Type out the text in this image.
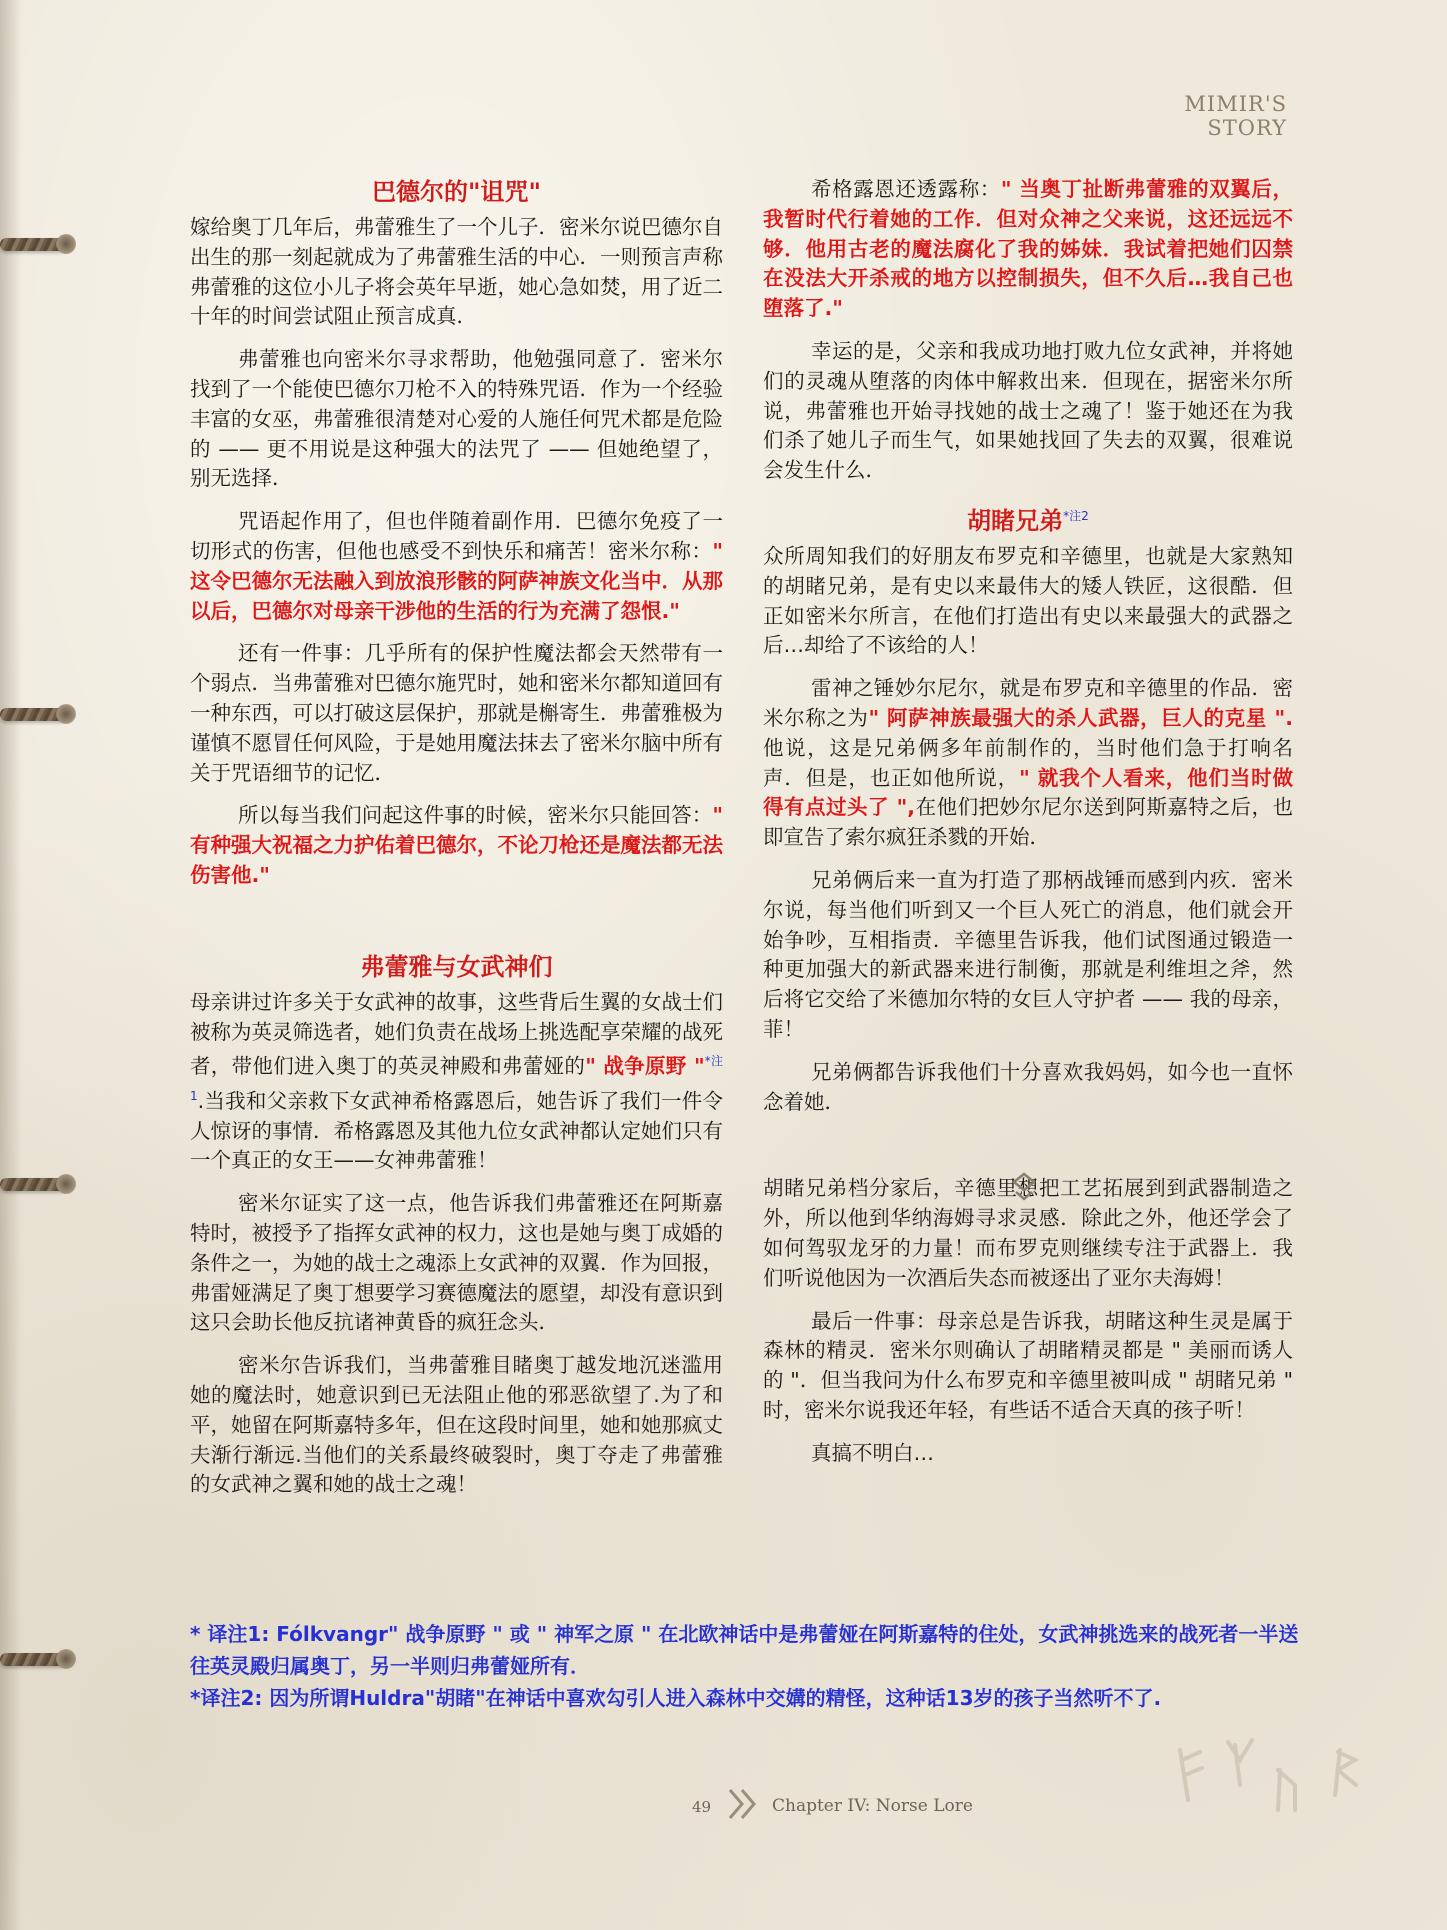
MIMIR'S STORY
巴德尔的"诅咒"

嫁给奥丁几年后，弗蕾雅生了一个儿子．密米尔说巴德尔自出生的那一刻起就成为了弗蕾雅生活的中心．一则预言声称弗蕾雅的这位小儿子将会英年早逝，她心急如焚，用了近二十年的时间尝试阻止预言成真．

弗蕾雅也向密米尔寻求帮助，他勉强同意了．密米尔找到了一个能使巴德尔刀枪不入的特殊咒语．作为一个经验丰富的女巫，弗蕾雅很清楚对心爱的人施任何咒术都是危险的 —— 更不用说是这种强大的法咒了 —— 但她绝望了，别无选择．

咒语起作用了，但也伴随着副作用．巴德尔免疫了一切形式的伤害，但他也感受不到快乐和痛苦！密米尔称：" 这令巴德尔无法融入到放浪形骸的阿萨神族文化当中．从那以后，巴德尔对母亲干涉他的生活的行为充满了怨恨."

还有一件事：几乎所有的保护性魔法都会天然带有一个弱点．当弗蕾雅对巴德尔施咒时，她和密米尔都知道回有一种东西，可以打破这层保护，那就是槲寄生．弗蕾雅极为谨慎不愿冒任何风险，于是她用魔法抹去了密米尔脑中所有关于咒语细节的记忆．

所以每当我们问起这件事的时候，密米尔只能回答：" 有种强大祝福之力护佑着巴德尔，不论刀枪还是魔法都无法伤害他."

弗蕾雅与女武神们

母亲讲过许多关于女武神的故事，这些背后生翼的女战士们被称为英灵筛选者，她们负责在战场上挑选配享荣耀的战死者，带他们进入奥丁的英灵神殿和弗蕾娅的" 战争原野 "$^{*注1}$.当我和父亲救下女武神希格露恩后，她告诉了我们一件令人惊讶的事情．希格露恩及其他九位女武神都认定她们只有一个真正的女王——女神弗蕾雅！

密米尔证实了这一点，他告诉我们弗蕾雅还在阿斯嘉特时，被授予了指挥女武神的权力，这也是她与奥丁成婚的条件之一，为她的战士之魂添上女武神的双翼．作为回报，弗雷娅满足了奥丁想要学习赛德魔法的愿望，却没有意识到这只会助长他反抗诸神黄昏的疯狂念头．

密米尔告诉我们，当弗蕾雅目睹奥丁越发地沉迷滥用她的魔法时，她意识到已无法阻止他的邪恶欲望了.为了和平，她留在阿斯嘉特多年，但在这段时间里，她和她那疯丈夫渐行渐远.当他们的关系最终破裂时，奥丁夺走了弗蕾雅的女武神之翼和她的战士之魂！

希格露恩还透露称：" 当奥丁扯断弗蕾雅的双翼后，我暂时代行着她的工作．但对众神之父来说，这还远远不够．他用古老的魔法腐化了我的姊妹．我试着把她们囚禁在没法大开杀戒的地方以控制损失，但不久后…我自己也堕落了."

幸运的是，父亲和我成功地打败九位女武神，并将她们的灵魂从堕落的肉体中解救出来．但现在，据密米尔所说，弗蕾雅也开始寻找她的战士之魂了！鉴于她还在为我们杀了她儿子而生气，如果她找回了失去的双翼，很难说会发生什么．

胡睹兄弟$^{*注2}$

众所周知我们的好朋友布罗克和辛德里，也就是大家熟知的胡睹兄弟，是有史以来最伟大的矮人铁匠，这很酷．但正如密米尔所言，在他们打造出有史以来最强大的武器之后…却给了不该给的人！

雷神之锤妙尔尼尔，就是布罗克和辛德里的作品．密米尔称之为" 阿萨神族最强大的杀人武器，巨人的克星 ".他说，这是兄弟俩多年前制作的，当时他们急于打响名声．但是，也正如他所说，" 就我个人看来，他们当时做得有点过头了 ",在他们把妙尔尼尔送到阿斯嘉特之后，也即宣告了索尔疯狂杀戮的开始．

兄弟俩后来一直为打造了那柄战锤而感到内疚．密米尔说，每当他们听到又一个巨人死亡的消息，他们就会开始争吵，互相指责．辛德里告诉我，他们试图通过锻造一种更加强大的新武器来进行制衡，那就是利维坦之斧，然后将它交给了米德加尔特的女巨人守护者 —— 我的母亲，菲！

兄弟俩都告诉我他们十分喜欢我妈妈，如今也一直怀念着她．

胡睹兄弟档分家后，辛德里想把工艺拓展到到武器制造之外，所以他到华纳海姆寻求灵感．除此之外，他还学会了如何驾驭龙牙的力量！而布罗克则继续专注于武器上．我们听说他因为一次酒后失态而被逐出了亚尔夫海姆！

最后一件事：母亲总是告诉我，胡睹这种生灵是属于森林的精灵．密米尔则确认了胡睹精灵都是 " 美丽而诱人的 "．但当我问为什么布罗克和辛德里被叫成 " 胡睹兄弟 " 时，密米尔说我还年轻，有些话不适合天真的孩子听！

真搞不明白…

* 译注1: Fólkvangr" 战争原野 " 或 " 神军之原 " 在北欧神话中是弗蕾娅在阿斯嘉特的住处，女武神挑选来的战死者一半送往英灵殿归属奥丁，另一半则归弗蕾娅所有．

*译注2: 因为所谓Huldra"胡睹"在神话中喜欢勾引人进入森林中交媾的精怪，这种话13岁的孩子当然听不了.

49	Chapter IV: Norse Lore
